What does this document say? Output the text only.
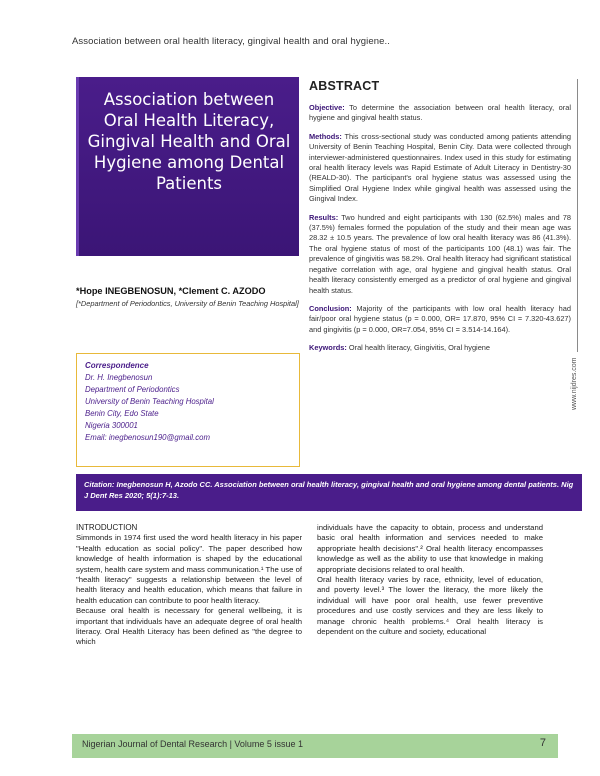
Association between oral health literacy, gingival health and oral hygiene..
Association between Oral Health Literacy, Gingival Health and Oral Hygiene among Dental Patients
*Hope INEGBENOSUN, *Clement C. AZODO
[*Department of Periodontics, University of Benin Teaching Hospital]
Correspondence
Dr. H. Inegbenosun
Department of Periodontics
University of Benin Teaching Hospital
Benin City, Edo State
Nigeria 300001
Email: inegbenosun190@gmail.com
ABSTRACT

Objective: To determine the association between oral health literacy, oral hygiene and gingival health status.

Methods: This cross-sectional study was conducted among patients attending University of Benin Teaching Hospital, Benin City. Data were collected through interviewer-administered questionnaires. Index used in this study for estimating oral health literacy levels was Rapid Estimate of Adult Literacy in Dentistry-30 (REALD-30). The participant's oral hygiene status was assessed using the Simplified Oral Hygiene Index while gingival health was assessed using the Gingival Index.

Results: Two hundred and eight participants with 130 (62.5%) males and 78 (37.5%) females formed the population of the study and their mean age was 28.32 ± 10.5 years. The prevalence of low oral health literacy was 86 (41.3%). The oral hygiene status of most of the participants 100 (48.1) was fair. The prevalence of gingivitis was 58.2%. Oral health literacy had significant statistical negative correlation with age, oral hygiene and gingival health status. Oral health literacy consistently emerged as a predictor of oral hygiene and gingival health status.

Conclusion: Majority of the participants with low oral health literacy had fair/poor oral hygiene status (p = 0.000, OR= 17.870, 95% CI = 7.320-43.627) and gingivitis (p = 0.000, OR=7.054, 95% CI = 3.514-14.164).

Keywords: Oral health literacy, Gingivitis, Oral hygiene

www.nijdres.com

Citation: Inegbenosun H, Azodo CC. Association between oral health literacy, gingival health and oral hygiene among dental patients. Nig J Dent Res 2020; 5(1):7-13.

INTRODUCTION

Simmonds in 1974 first used the word health literacy in his paper "Health education as social policy". The paper described how knowledge of health information is shaped by the educational system, health care system and mass communication.¹ The use of "health literacy" suggests a relationship between the level of health literacy and health education, which means that failure in health education can contribute to poor health literacy.

Because oral health is necessary for general wellbeing, it is important that individuals have an adequate degree of oral health literacy. Oral Health Literacy has been defined as "the degree to which

individuals have the capacity to obtain, process and understand basic oral health information and services needed to make appropriate health decisions".² Oral health literacy encompasses knowledge as well as the ability to use that knowledge in making appropriate decisions related to oral health.

Oral health literacy varies by race, ethnicity, level of education, and poverty level.³ The lower the literacy, the more likely the individual will have poor oral health, use fewer preventive procedures and use costly services and they are less likely to manage chronic health problems.⁴ Oral health literacy is dependent on the culture and society, educational

Nigerian Journal of Dental Research | Volume 5 issue 1	7
